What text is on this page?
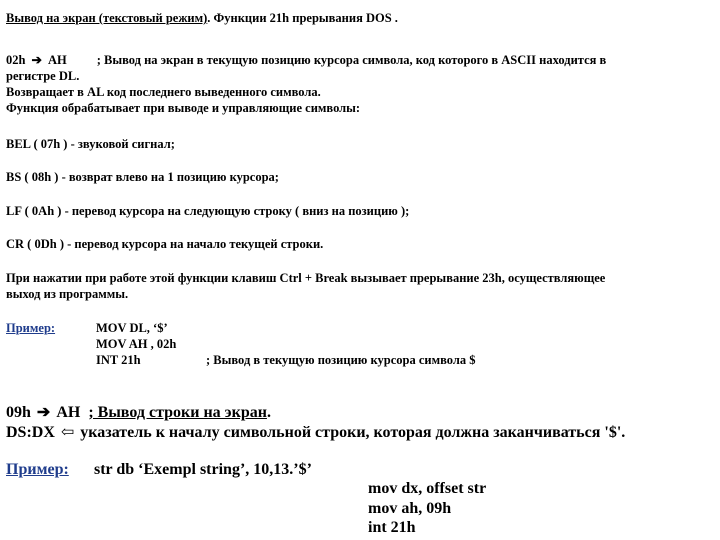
Вывод на экран (текстовый режим). Функции 21h прерывания DOS .
02h ➔ AH ; Вывод на экран в текущую позицию курсора символа, код которого в ASCII находится в
регистре DL.
Возвращает в AL код последнего выведенного символа.
Функция обрабатывает при выводе и управляющие символы:
BEL ( 07h ) - звуковой сигнал;
BS ( 08h ) - возврат влево на 1 позицию курсора;
LF ( 0Ah ) - перевод курсора на следующую строку ( вниз на позицию );
CR ( 0Dh ) - перевод курсора на начало текущей строки.
При нажатии при работе этой функции клавиш Ctrl + Break вызывает прерывание 23h, осуществляющее
выход из программы.
Пример:	MOV DL, ‘$’
MOV AH , 02h
INT 21h	; Вывод в текущую позицию курсора символа $
09h ➔ AH ; Вывод строки на экран.
DS:DX ⇦ указатель к началу символьной строки, которая должна заканчиваться '$'.
Пример: str db ‘Exempl string’, 10,13.’$’
mov dx, offset str
mov ah, 09h
int 21h
